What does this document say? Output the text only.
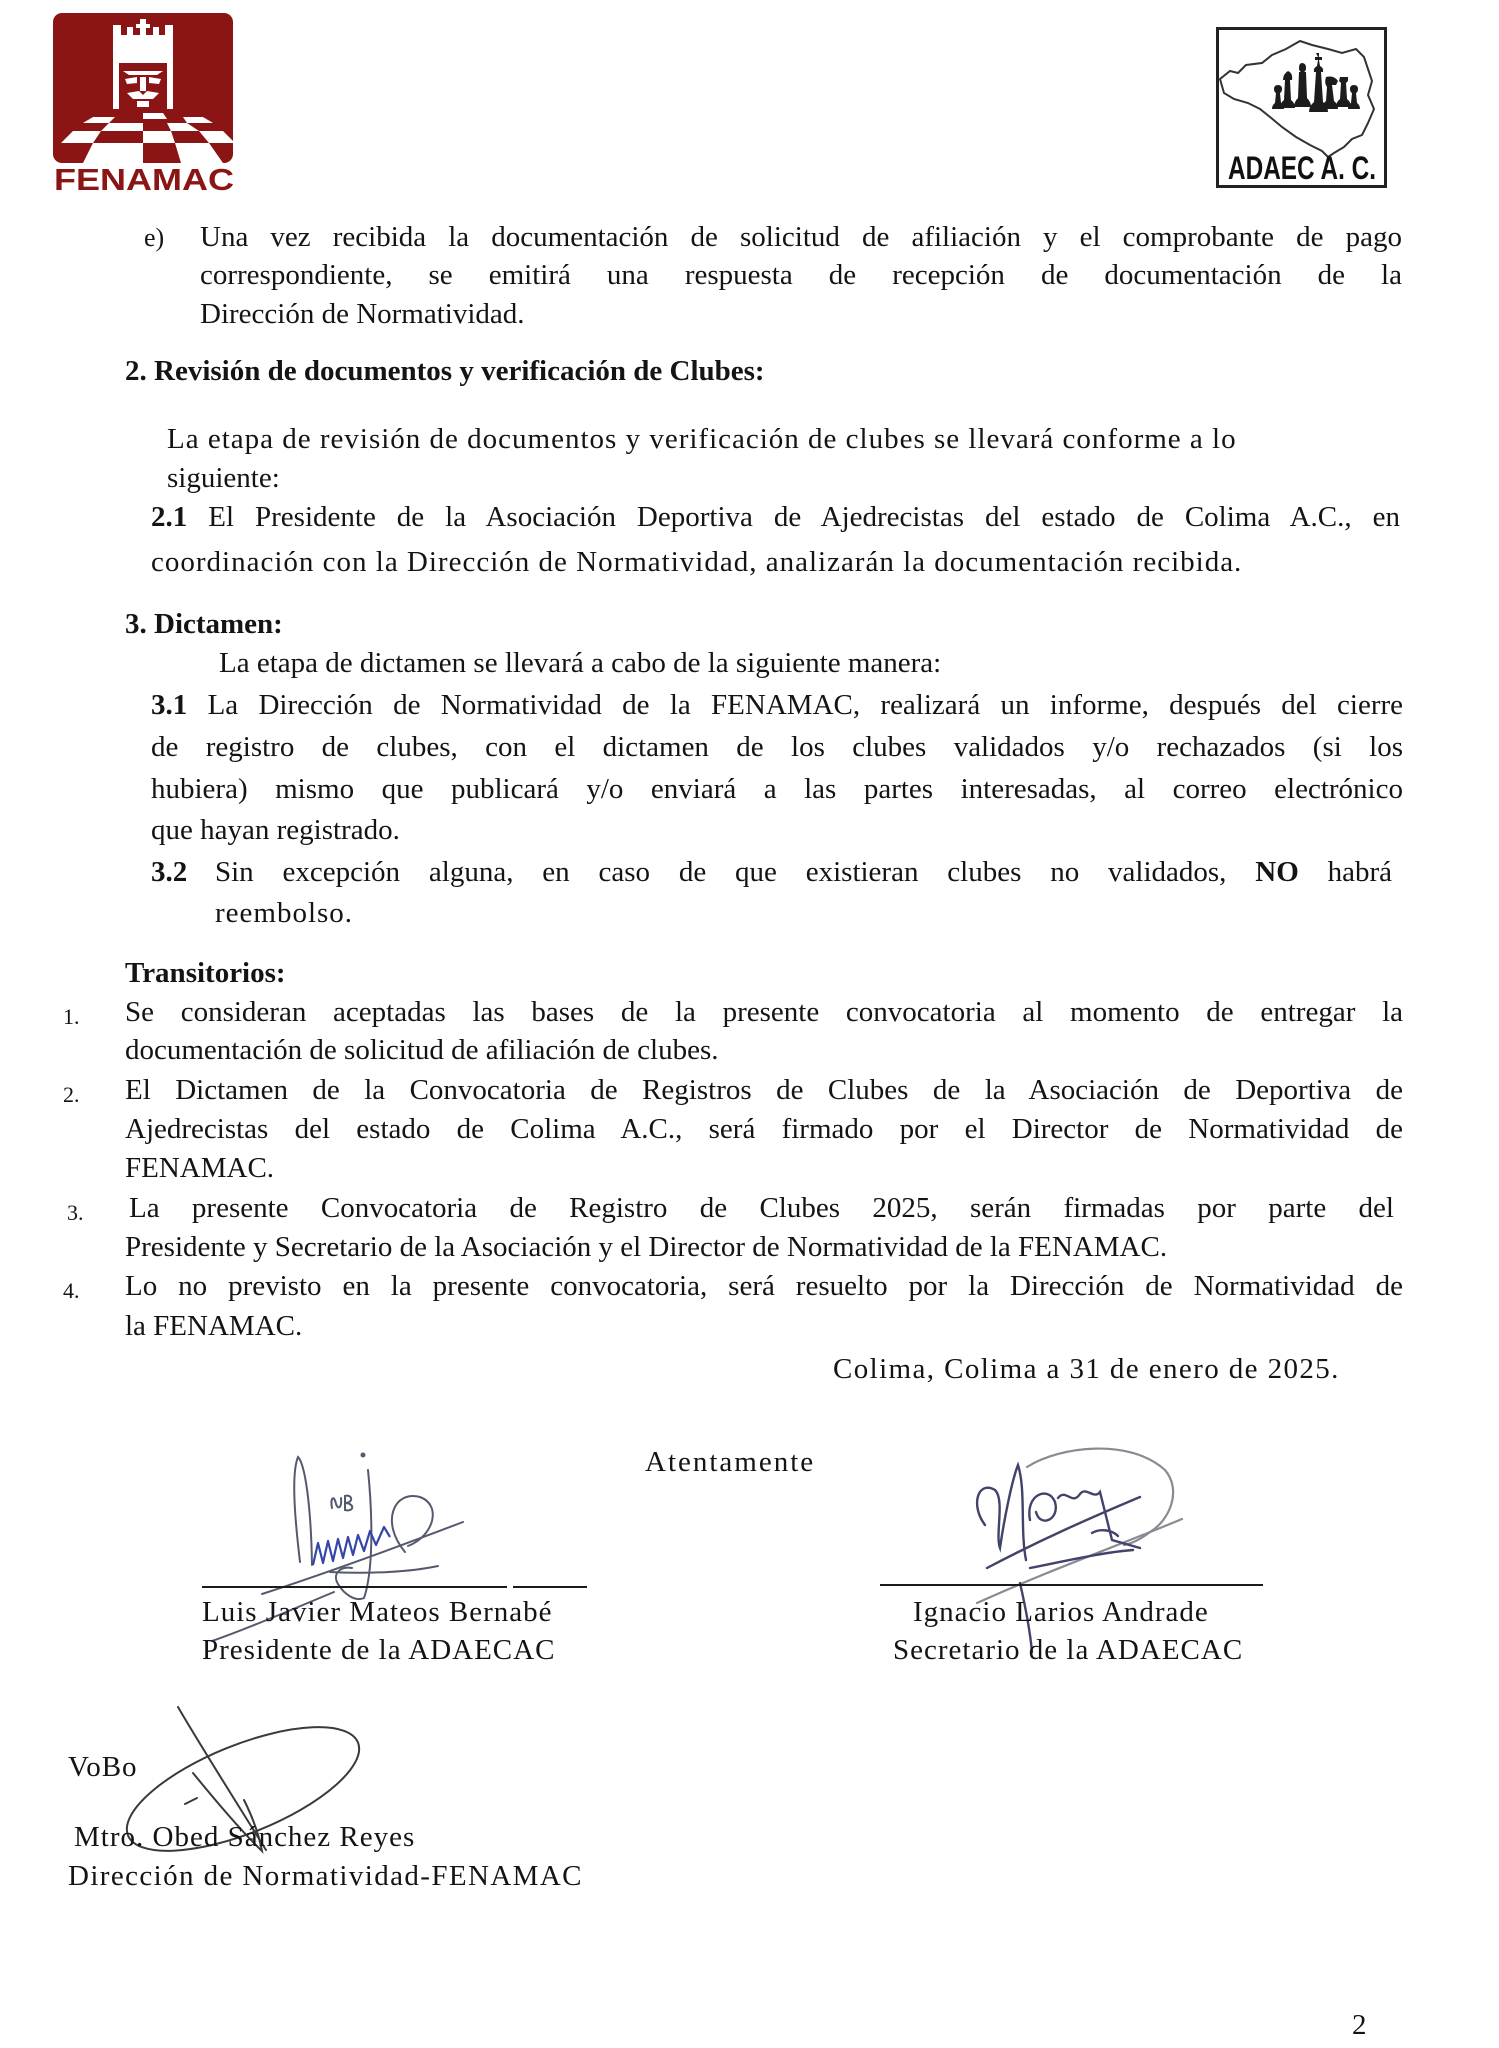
FENAMAC	ADAEC A. C.
e) Una vez recibida la documentación de solicitud de afiliación y el comprobante de pago
correspondiente, se emitirá una respuesta de recepción de documentación de la
Dirección de Normatividad.
2. Revisión de documentos y verificación de Clubes:
La etapa de revisión de documentos y verificación de clubes se llevará conforme a lo
siguiente:
2.1 El Presidente de la Asociación Deportiva de Ajedrecistas del estado de Colima A.C., en
coordinación con la Dirección de Normatividad, analizarán la documentación recibida.
3. Dictamen:
La etapa de dictamen se llevará a cabo de la siguiente manera:
3.1 La Dirección de Normatividad de la FENAMAC, realizará un informe, después del cierre
de registro de clubes, con el dictamen de los clubes validados y/o rechazados (si los
hubiera) mismo que publicará y/o enviará a las partes interesadas, al correo electrónico
que hayan registrado.
3.2 Sin excepción alguna, en caso de que existieran clubes no validados, NO habrá
reembolso.
Transitorios:
1. Se consideran aceptadas las bases de la presente convocatoria al momento de entregar la
documentación de solicitud de afiliación de clubes.
2. El Dictamen de la Convocatoria de Registros de Clubes de la Asociación de Deportiva de
Ajedrecistas del estado de Colima A.C., será firmado por el Director de Normatividad de
FENAMAC.
3. La presente Convocatoria de Registro de Clubes 2025, serán firmadas por parte del
Presidente y Secretario de la Asociación y el Director de Normatividad de la FENAMAC.
4. Lo no previsto en la presente convocatoria, será resuelto por la Dirección de Normatividad de
la FENAMAC.
Colima, Colima a 31 de enero de 2025.
Atentamente
Luis Javier Mateos Bernabé
Presidente de la ADAECAC
Ignacio Larios Andrade
Secretario de la ADAECAC
VoBo
Mtro. Obed Sánchez Reyes
Dirección de Normatividad-FENAMAC
2
